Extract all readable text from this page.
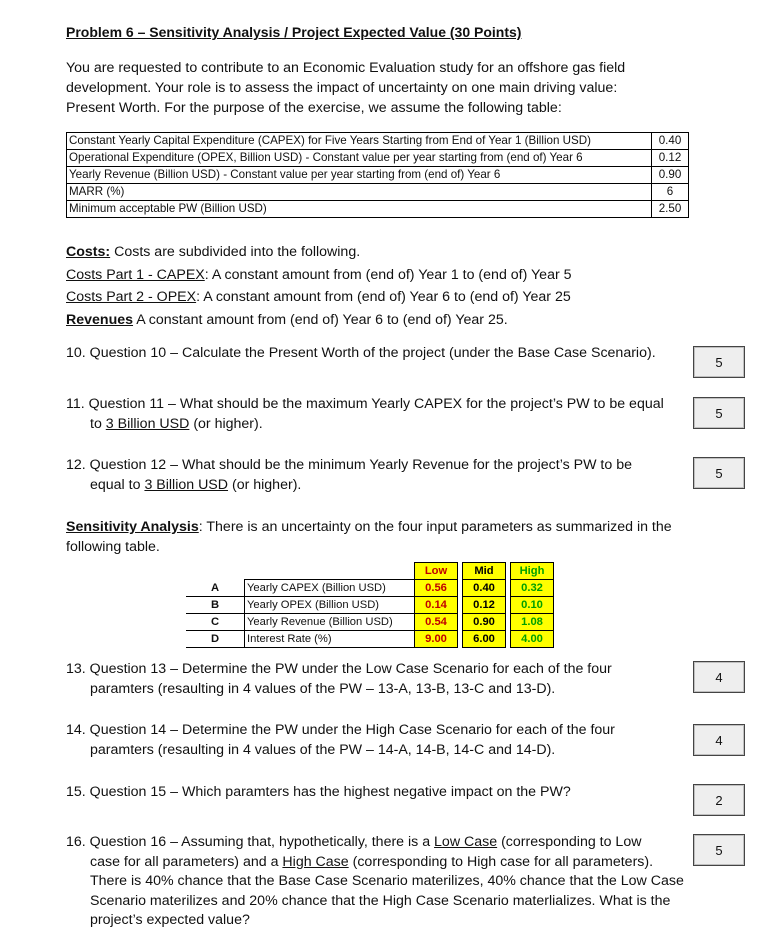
Problem 6 – Sensitivity Analysis / Project Expected Value (30 Points)
You are requested to contribute to an Economic Evaluation study for an offshore gas field
development. Your role is to assess the impact of uncertainty on one main driving value:
Present Worth. For the purpose of the exercise, we assume the following table:
Constant Yearly Capital Expenditure (CAPEX) for Five Years Starting from End of Year 1 (Billion USD)	0.40
Operational Expenditure (OPEX, Billion USD) - Constant value per year starting from (end of) Year 6	0.12
Yearly Revenue (Billion USD) - Constant value per year starting from (end of) Year 6	0.90
MARR (%)	6
Minimum acceptable PW (Billion USD)	2.50
Costs: Costs are subdivided into the following.
Costs Part 1 - CAPEX: A constant amount from (end of) Year 1 to (end of) Year 5
Costs Part 2 - OPEX: A constant amount from (end of) Year 6 to (end of) Year 25
Revenues A constant amount from (end of) Year 6 to (end of) Year 25.
10. Question 10 – Calculate the Present Worth of the project (under the Base Case Scenario).
5
11. Question 11 – What should be the maximum Yearly CAPEX for the project’s PW to be equal
to 3 Billion USD (or higher).
5
12. Question 12 – What should be the minimum Yearly Revenue for the project’s PW to be
equal to 3 Billion USD (or higher).
5
Sensitivity Analysis: There is an uncertainty on the four input parameters as summarized in the
following table.
		Low		Mid		High
A	Yearly CAPEX (Billion USD)	0.56		0.40		0.32
B	Yearly OPEX (Billion USD)	0.14		0.12		0.10
C	Yearly Revenue (Billion USD)	0.54		0.90		1.08
D	Interest Rate (%)	9.00		6.00		4.00
13. Question 13 – Determine the PW under the Low Case Scenario for each of the four
paramters (resaulting in 4 values of the PW – 13-A, 13-B, 13-C and 13-D).
4
14. Question 14 – Determine the PW under the High Case Scenario for each of the four
paramters (resaulting in 4 values of the PW – 14-A, 14-B, 14-C and 14-D).
4
15. Question 15 – Which paramters has the highest negative impact on the PW?	2
16. Question 16 – Assuming that, hypothetically, there is a Low Case (corresponding to Low
case for all parameters) and a High Case (corresponding to High case for all parameters).
There is 40% chance that the Base Case Scenario materilizes, 40% chance that the Low Case
Scenario materilizes and 20% chance that the High Case Scenario materlializes. What is the
project’s expected value?
5
